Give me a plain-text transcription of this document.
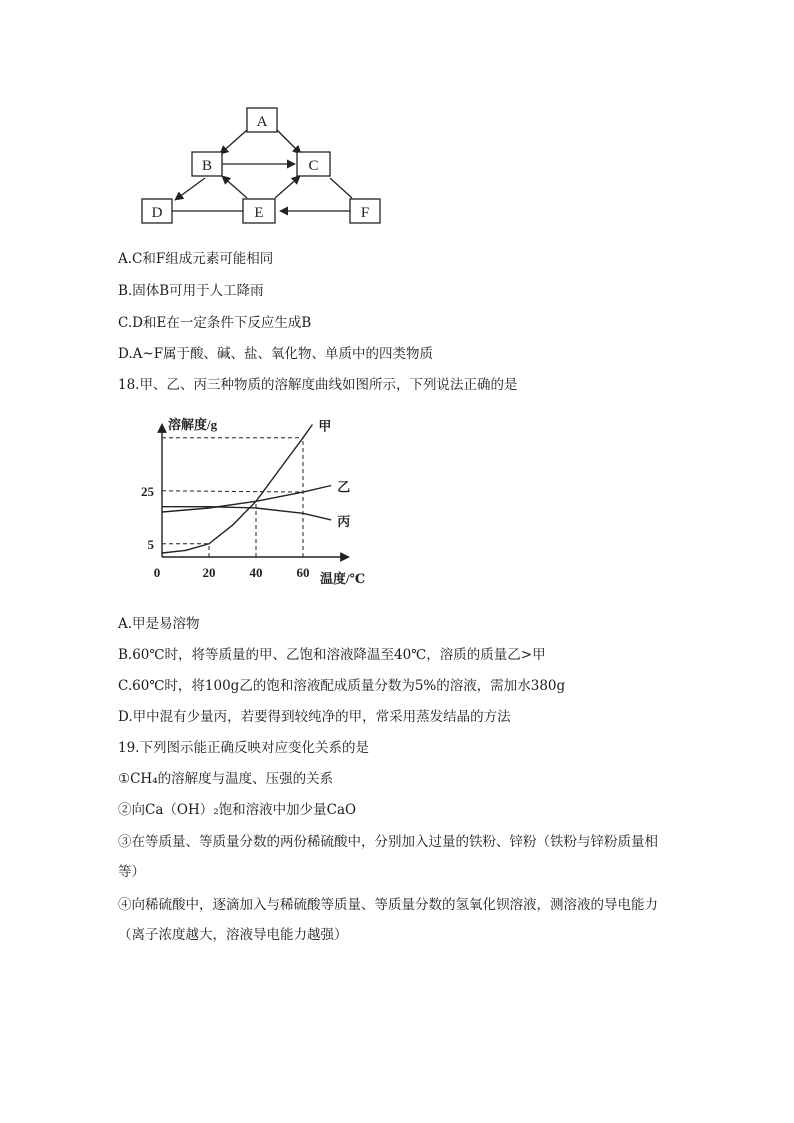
A
B	C
D	E	F
A.C和F组成元素可能相同
B.固体B可用于人工降雨
C.D和E在一定条件下反应生成B
D.A~F属于酸、碱、盐、氧化物、单质中的四类物质
18.甲、乙、丙三种物质的溶解度曲线如图所示，下列说法正确的是
甲
乙
丙
溶解度/g
温度/℃
0	20	40	60
5
25
A.甲是易溶物
B.60℃时，将等质量的甲、乙饱和溶液降温至40℃，溶质的质量乙>甲
C.60℃时，将100g乙的饱和溶液配成质量分数为5%的溶液，需加水380g
D.甲中混有少量丙，若要得到较纯净的甲，常采用蒸发结晶的方法
19.下列图示能正确反映对应变化关系的是
①CH₄的溶解度与温度、压强的关系
②向Ca（OH）₂饱和溶液中加少量CaO
③在等质量、等质量分数的两份稀硫酸中，分别加入过量的铁粉、锌粉（铁粉与锌粉质量相等）
④向稀硫酸中，逐滴加入与稀硫酸等质量、等质量分数的氢氧化钡溶液，测溶液的导电能力（离子浓度越大，溶液导电能力越强）
